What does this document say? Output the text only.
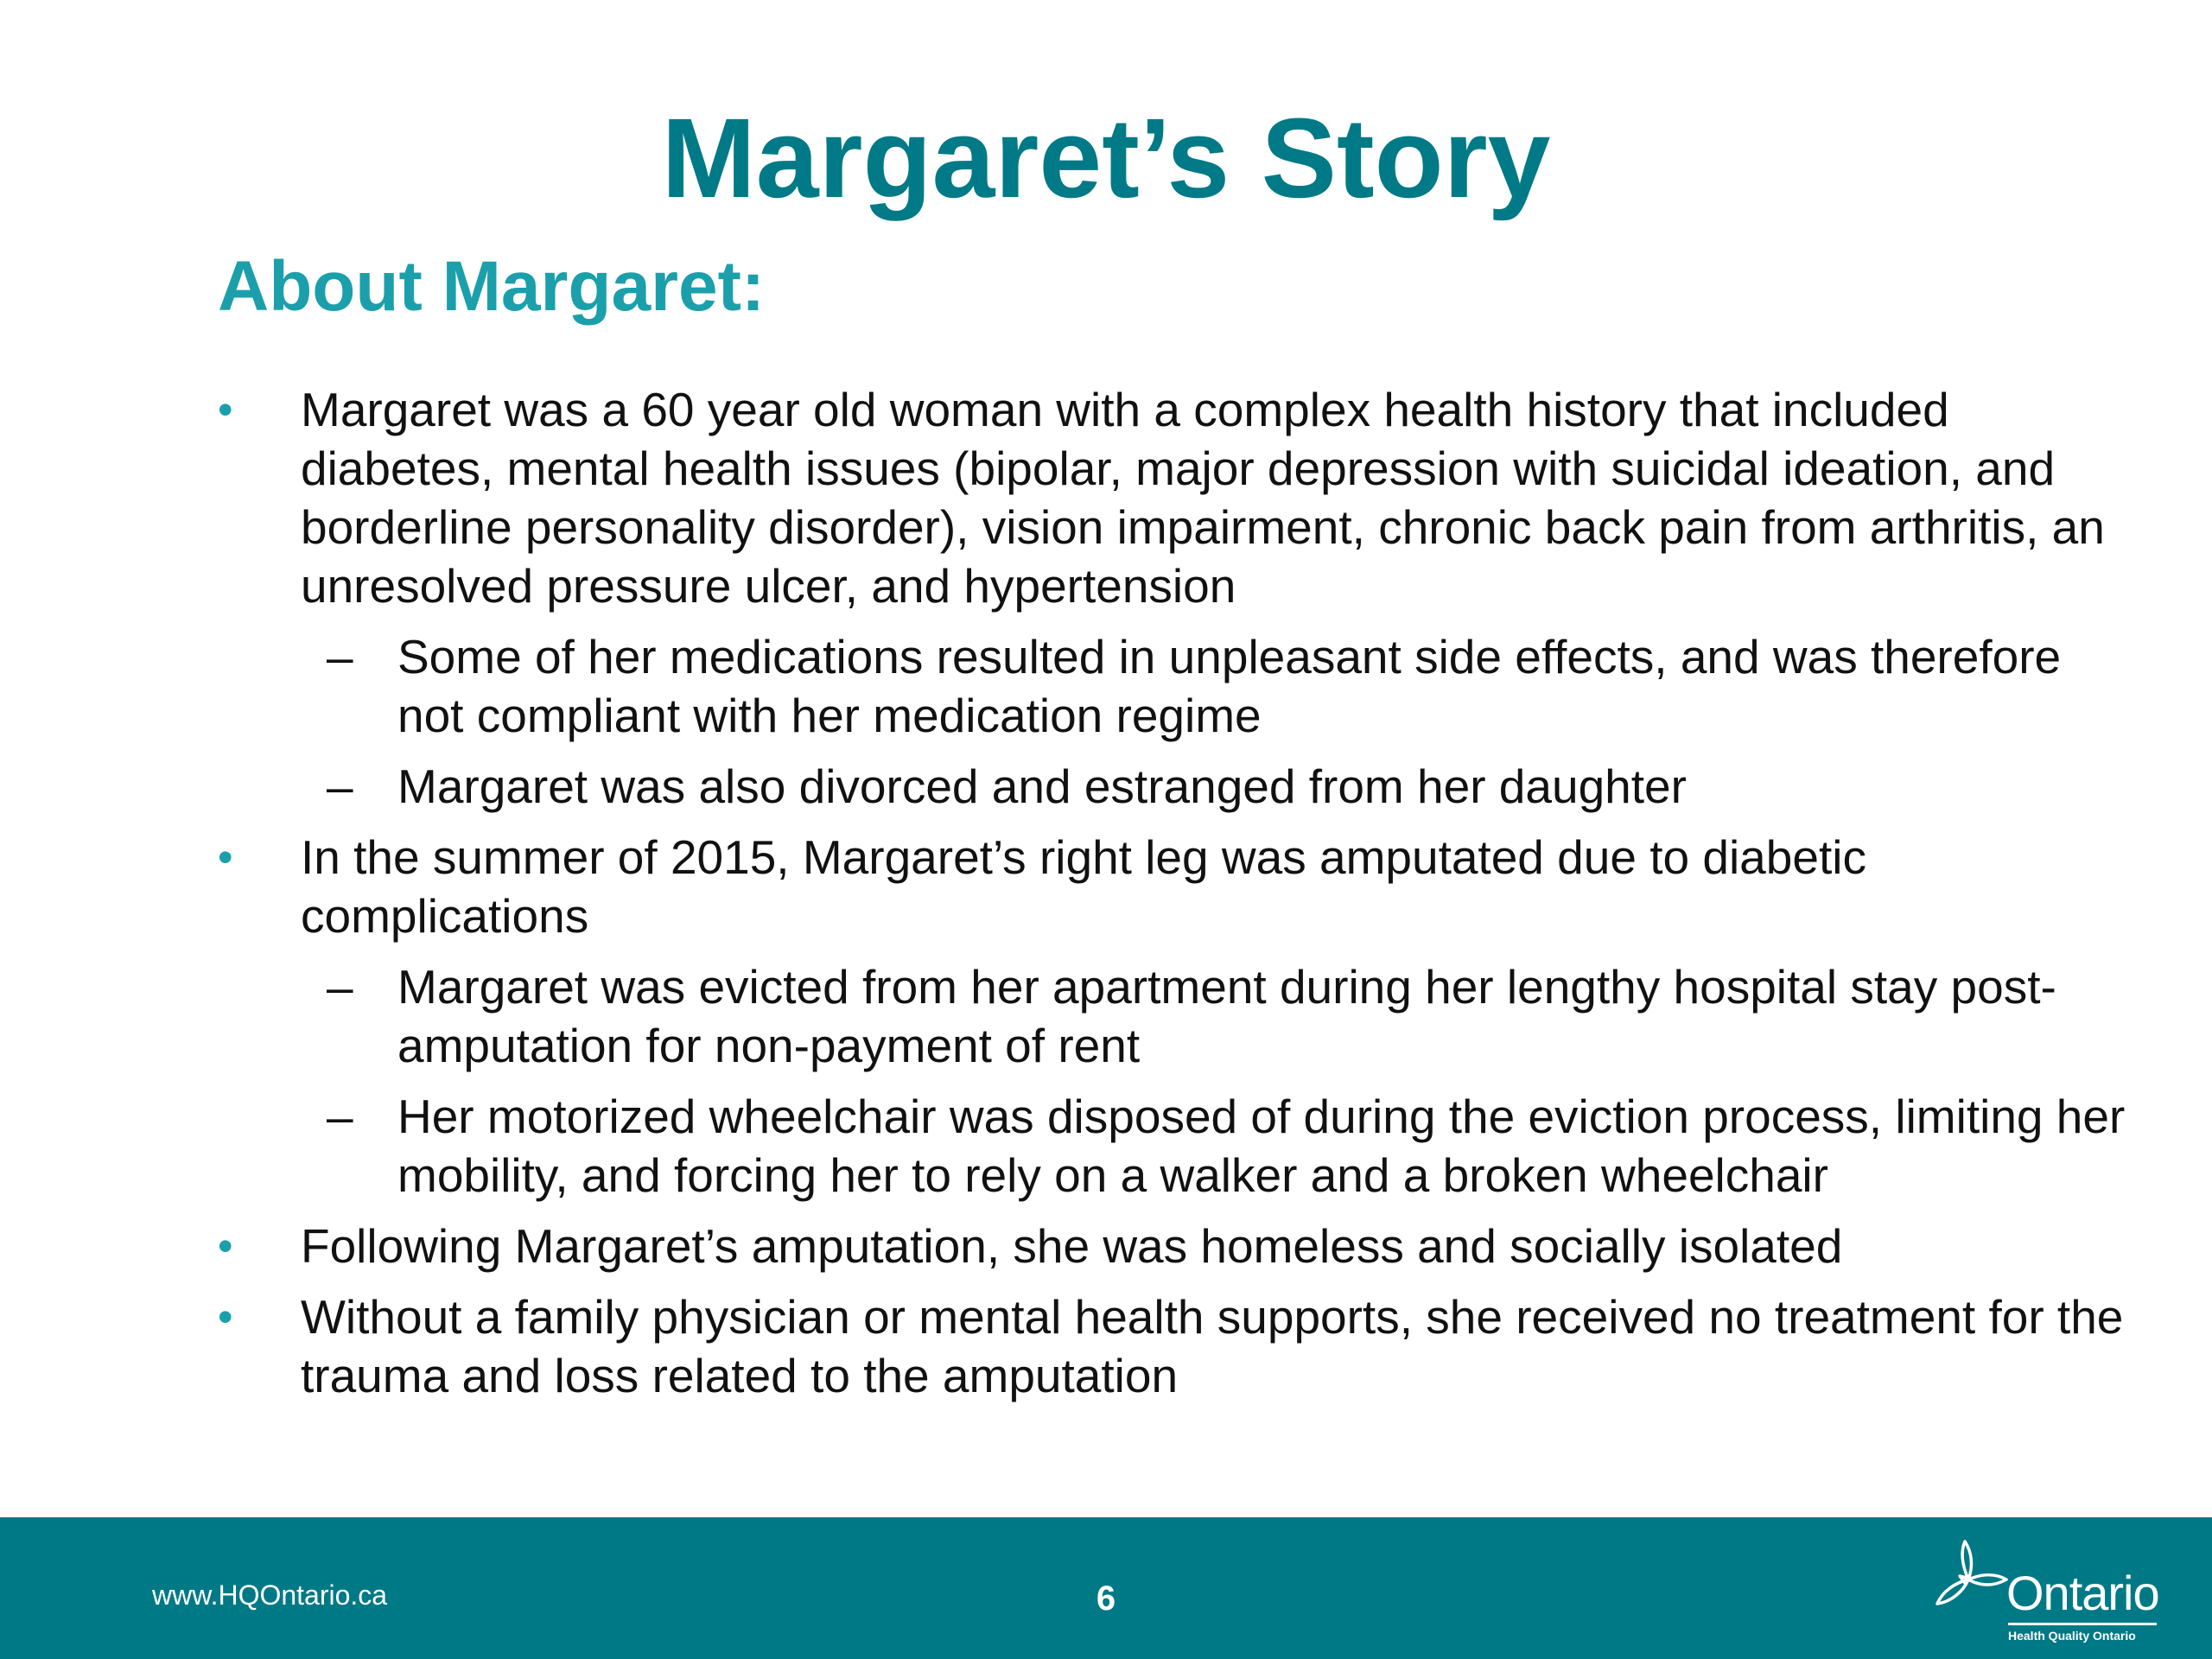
Margaret’s Story
About Margaret:
• Margaret was a 60 year old woman with a complex health history that included diabetes, mental health issues (bipolar, major depression with suicidal ideation, and borderline personality disorder), vision impairment, chronic back pain from arthritis, an unresolved pressure ulcer, and hypertension
– Some of her medications resulted in unpleasant side effects, and was therefore not compliant with her medication regime
– Margaret was also divorced and estranged from her daughter
• In the summer of 2015, Margaret’s right leg was amputated due to diabetic complications
– Margaret was evicted from her apartment during her lengthy hospital stay post-amputation for non-payment of rent
– Her motorized wheelchair was disposed of during the eviction process, limiting her mobility, and forcing her to rely on a walker and a broken wheelchair
• Following Margaret’s amputation, she was homeless and socially isolated
• Without a family physician or mental health supports, she received no treatment for the trauma and loss related to the amputation
www.HQOntario.ca	6	Ontario
Health Quality Ontario
